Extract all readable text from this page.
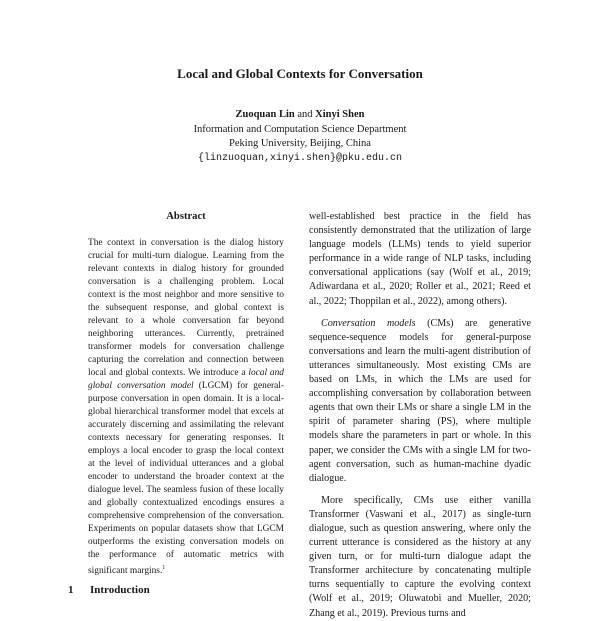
Local and Global Contexts for Conversation
Zuoquan Lin and Xinyi Shen
Information and Computation Science Department
Peking University, Beijing, China
{linzuoquan,xinyi.shen}@pku.edu.cn
Abstract

The context in conversation is the dialog history crucial for multi-turn dialogue. Learning from the relevant contexts in dialog history for grounded conversation is a challenging problem. Local context is the most neighbor and more sensitive to the subsequent response, and global context is relevant to a whole conversation far beyond neighboring utterances. Currently, pretrained transformer models for conversation challenge capturing the correlation and connection between local and global contexts. We introduce a local and global conversation model (LGCM) for general-purpose conversation in open domain. It is a local-global hierarchical transformer model that excels at accurately discerning and assimilating the relevant contexts necessary for generating responses. It employs a local encoder to grasp the local context at the level of individual utterances and a global encoder to understand the broader context at the dialogue level. The seamless fusion of these locally and globally contextualized encodings ensures a comprehensive comprehension of the conversation. Experiments on popular datasets show that LGCM outperforms the existing conversation models on the performance of automatic metrics with significant margins.$^1$

1 Introduction

well-established best practice in the field has consistently demonstrated that the utilization of large language models (LLMs) tends to yield superior performance in a wide range of NLP tasks, including conversational applications (say (Wolf et al., 2019; Adiwardana et al., 2020; Roller et al., 2021; Reed et al., 2022; Thoppilan et al., 2022), among others).

Conversation models (CMs) are generative sequence-sequence models for general-purpose conversations and learn the multi-agent distribution of utterances simultaneously. Most existing CMs are based on LMs, in which the LMs are used for accomplishing conversation by collaboration between agents that own their LMs or share a single LM in the spirit of parameter sharing (PS), where multiple models share the parameters in part or whole. In this paper, we consider the CMs with a single LM for two-agent conversation, such as human-machine dyadic dialogue.

More specifically, CMs use either vanilla Transformer (Vaswani et al., 2017) as single-turn dialogue, such as question answering, where only the current utterance is considered as the history at any given turn, or for multi-turn dialogue adapt the Transformer architecture by concatenating multiple turns sequentially to capture the evolving context (Wolf et al., 2019; Oluwatobi and Mueller, 2020; Zhang et al., 2019). Previous turns and
